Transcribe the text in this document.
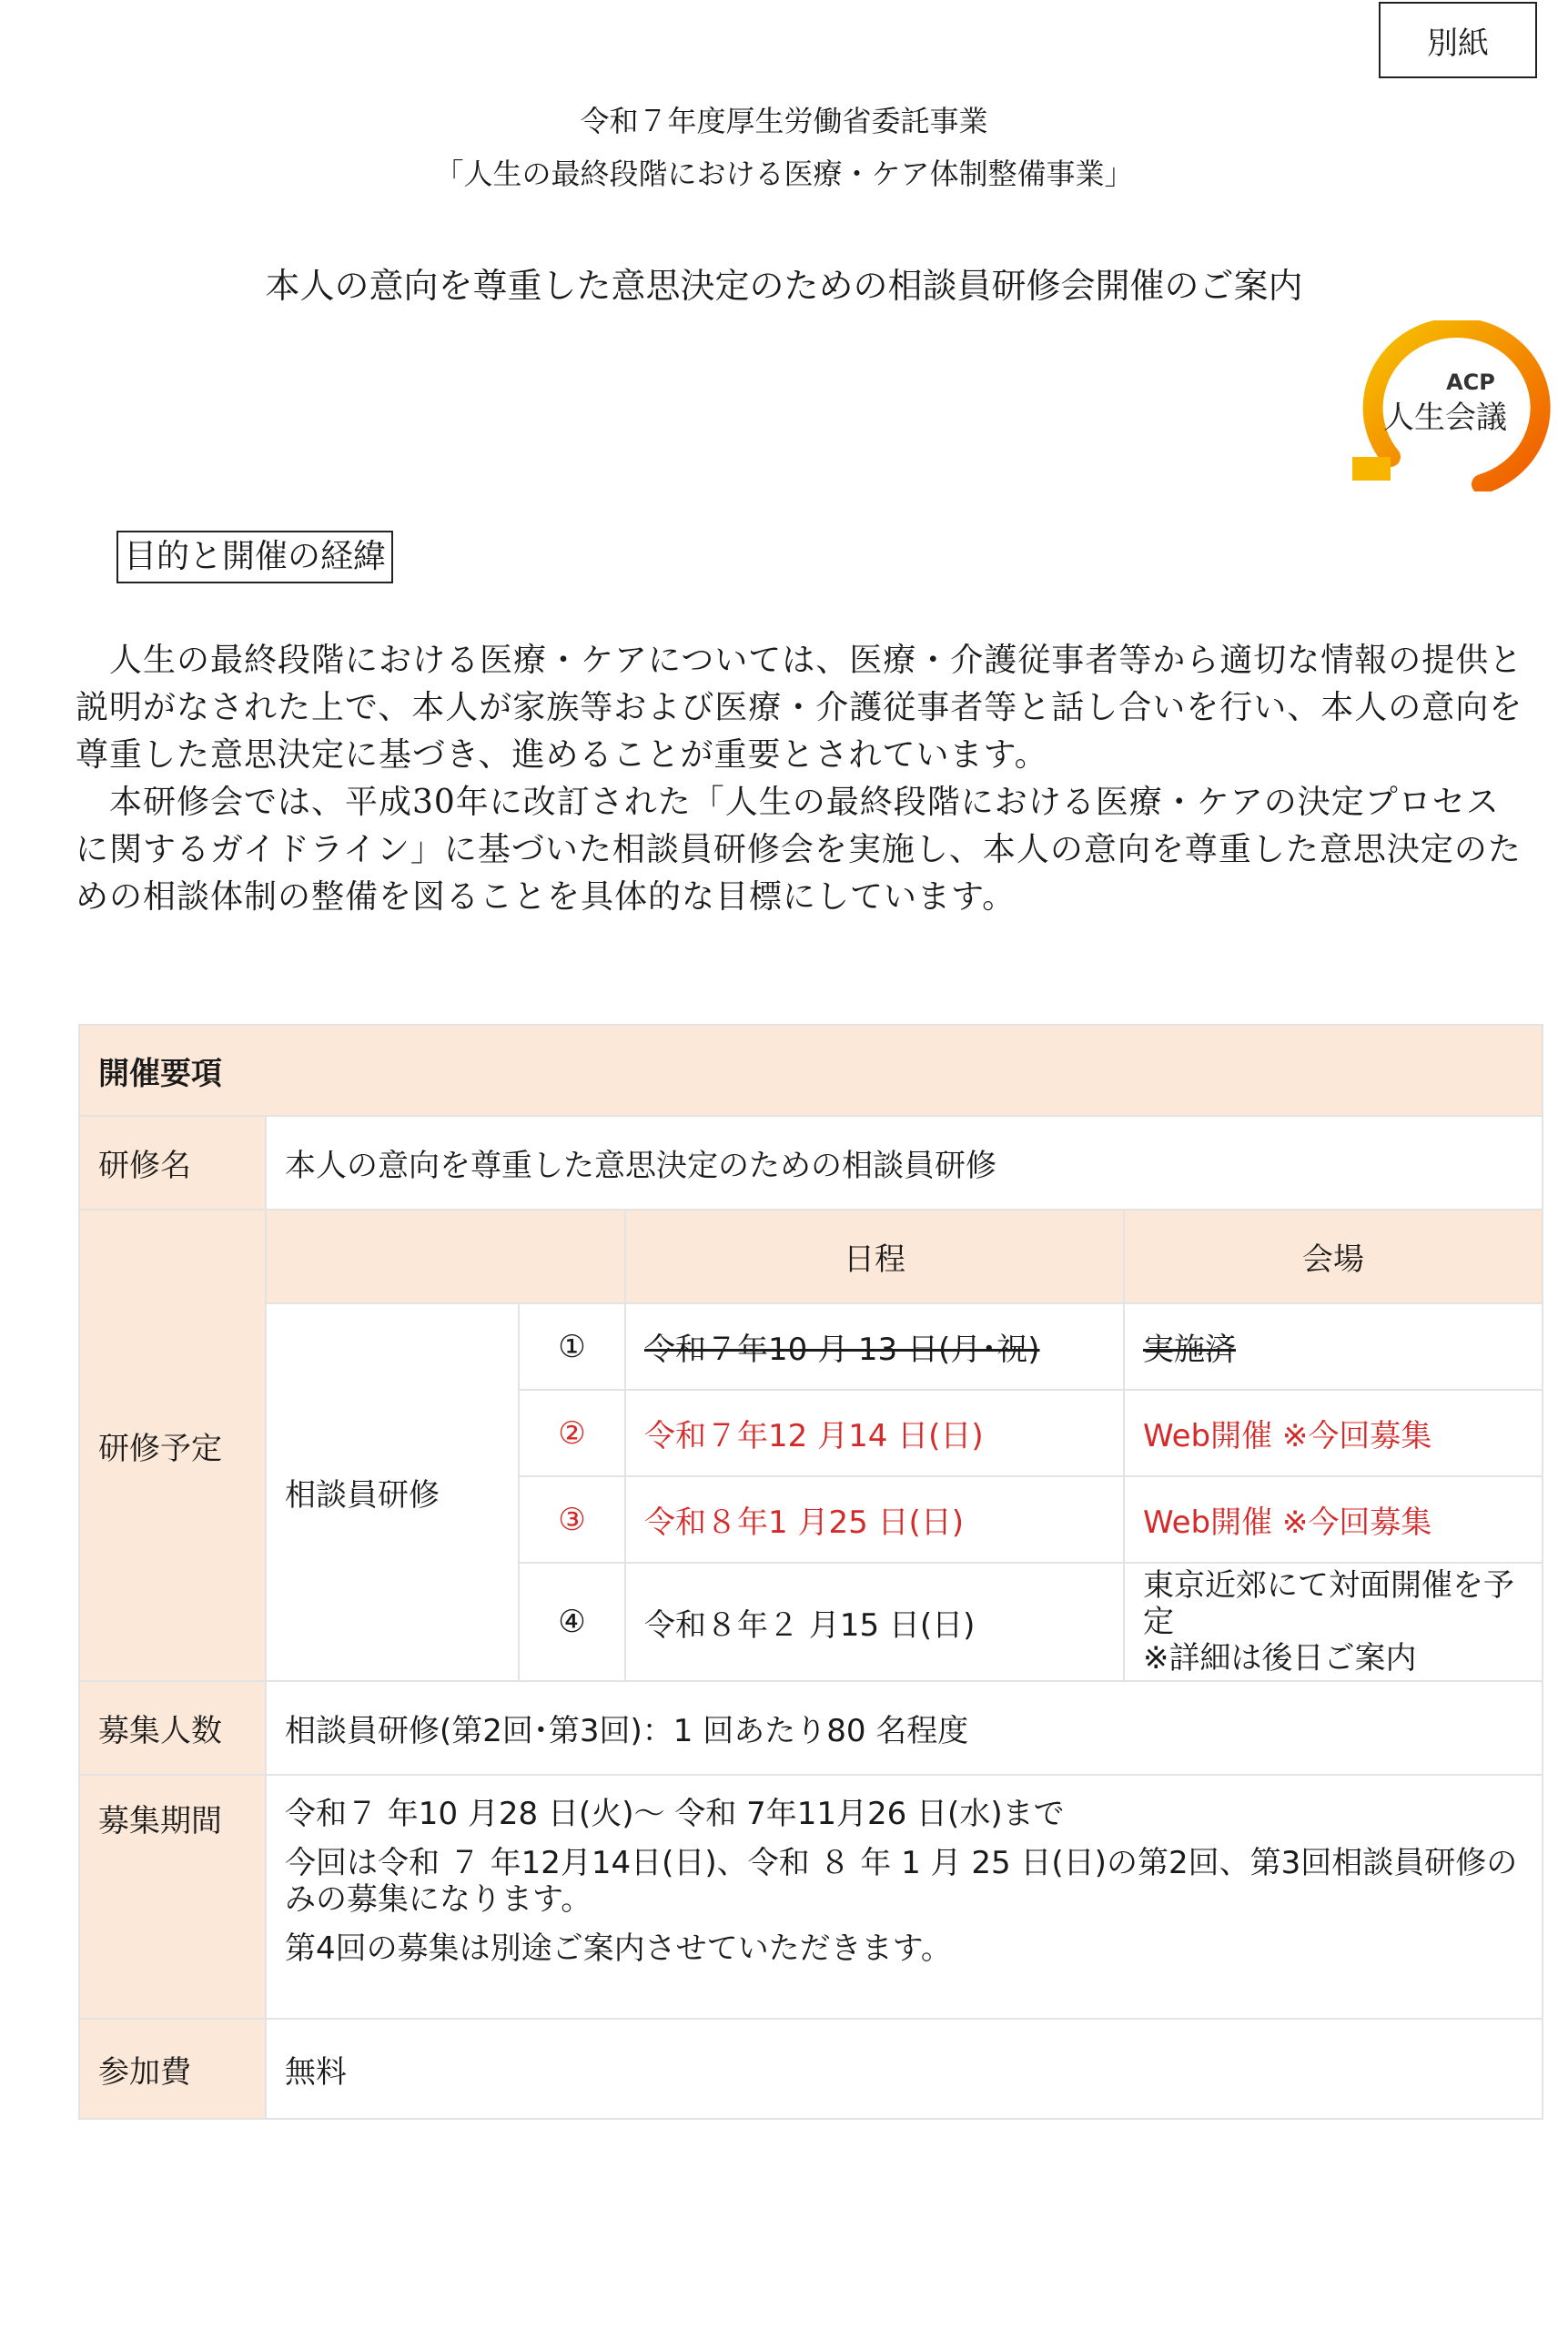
別紙
令和７年度厚生労働省委託事業
「人生の最終段階における医療・ケア体制整備事業」
本人の意向を尊重した意思決定のための相談員研修会開催のご案内
ACP
人生会議
目的と開催の経緯

　人生の最終段階における医療・ケアについては、医療・介護従事者等から適切な情報の提供と説明がなされた上で、本人が家族等および医療・介護従事者等と話し合いを行い、本人の意向を尊重した意思決定に基づき、進めることが重要とされています。

　本研修会では、平成30年に改訂された「人生の最終段階における医療・ケアの決定プロセスに関するガイドライン」に基づいた相談員研修会を実施し、本人の意向を尊重した意思決定のための相談体制の整備を図ることを具体的な目標にしています。

開催要項				
研修名	本人の意向を尊重した意思決定のための相談員研修			
研修予定			日程	会場
	相談員研修	①	令和７年10 月 13 日(月･祝)	実施済
		②	令和７年12 月14 日(日)	Web開催 ※今回募集
		③	令和８年1 月25 日(日)	Web開催 ※今回募集
		④	令和８年２ 月15 日(日)	東京近郊にて対面開催を予定
※詳細は後日ご案内

募集人数	相談員研修(第2回･第3回)：1 回あたり80 名程度			
募集期間	令和７ 年10 月28 日(火)～ 令和 7年11月26 日(水)まで

今回は令和 ７ 年12月14日(日)、令和 ８ 年 1 月 25 日(日)の第2回、第3回相談員研修のみの募集になります。

第4回の募集は別途ご案内させていただきます。			

参加費	無料			
